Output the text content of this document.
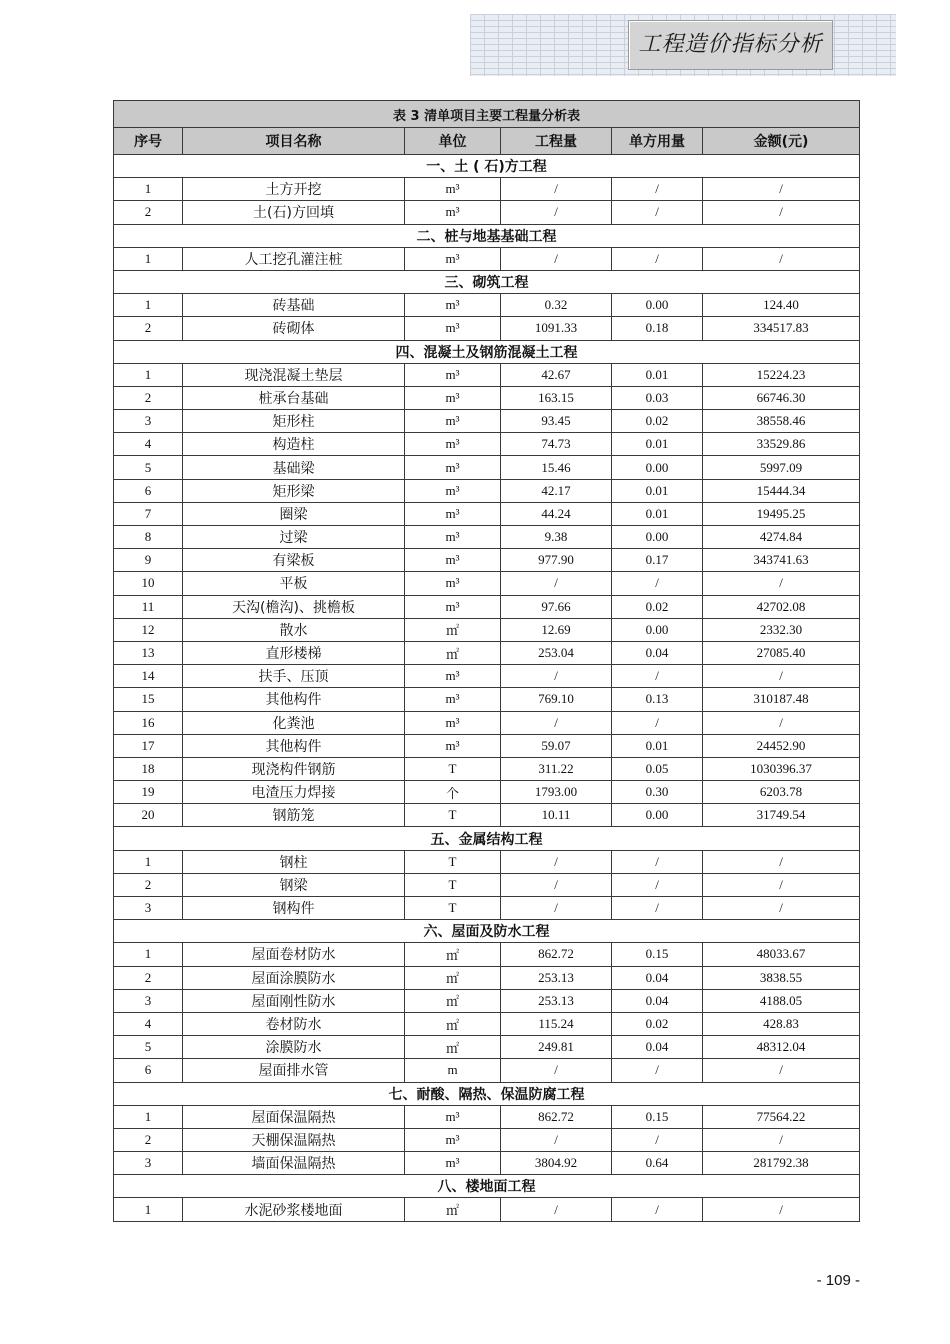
工程造价指标分析
表 3 清单项目主要工程量分析表					
序号	项目名称	单位	工程量	单方用量	金额(元)
一、土 ( 石)方工程					
1	土方开挖	m³	/	/	/
2	土(石)方回填	m³	/	/	/
二、桩与地基基础工程					
1	人工挖孔灌注桩	m³	/	/	/
三、砌筑工程					
1	砖基础	m³	0.32	0.00	124.40
2	砖砌体	m³	1091.33	0.18	334517.83
四、混凝土及钢筋混凝土工程					
1	现浇混凝土垫层	m³	42.67	0.01	15224.23
2	桩承台基础	m³	163.15	0.03	66746.30
3	矩形柱	m³	93.45	0.02	38558.46
4	构造柱	m³	74.73	0.01	33529.86
5	基础梁	m³	15.46	0.00	5997.09
6	矩形梁	m³	42.17	0.01	15444.34
7	圈梁	m³	44.24	0.01	19495.25
8	过梁	m³	9.38	0.00	4274.84
9	有梁板	m³	977.90	0.17	343741.63
10	平板	m³	/	/	/
11	天沟(檐沟)、挑檐板	m³	97.66	0.02	42702.08
12	散水	㎡	12.69	0.00	2332.30
13	直形楼梯	㎡	253.04	0.04	27085.40
14	扶手、压顶	m³	/	/	/
15	其他构件	m³	769.10	0.13	310187.48
16	化粪池	m³	/	/	/
17	其他构件	m³	59.07	0.01	24452.90
18	现浇构件钢筋	T	311.22	0.05	1030396.37
19	电渣压力焊接	个	1793.00	0.30	6203.78
20	钢筋笼	T	10.11	0.00	31749.54
五、金属结构工程					
1	钢柱	T	/	/	/
2	钢梁	T	/	/	/
3	钢构件	T	/	/	/
六、屋面及防水工程					
1	屋面卷材防水	㎡	862.72	0.15	48033.67
2	屋面涂膜防水	㎡	253.13	0.04	3838.55
3	屋面刚性防水	㎡	253.13	0.04	4188.05
4	卷材防水	㎡	115.24	0.02	428.83
5	涂膜防水	㎡	249.81	0.04	48312.04
6	屋面排水管	m	/	/	/
七、耐酸、隔热、保温防腐工程					
1	屋面保温隔热	m³	862.72	0.15	77564.22
2	天棚保温隔热	m³	/	/	/
3	墙面保温隔热	m³	3804.92	0.64	281792.38
八、楼地面工程					
1	水泥砂浆楼地面	㎡	/	/	/
- 109 -
